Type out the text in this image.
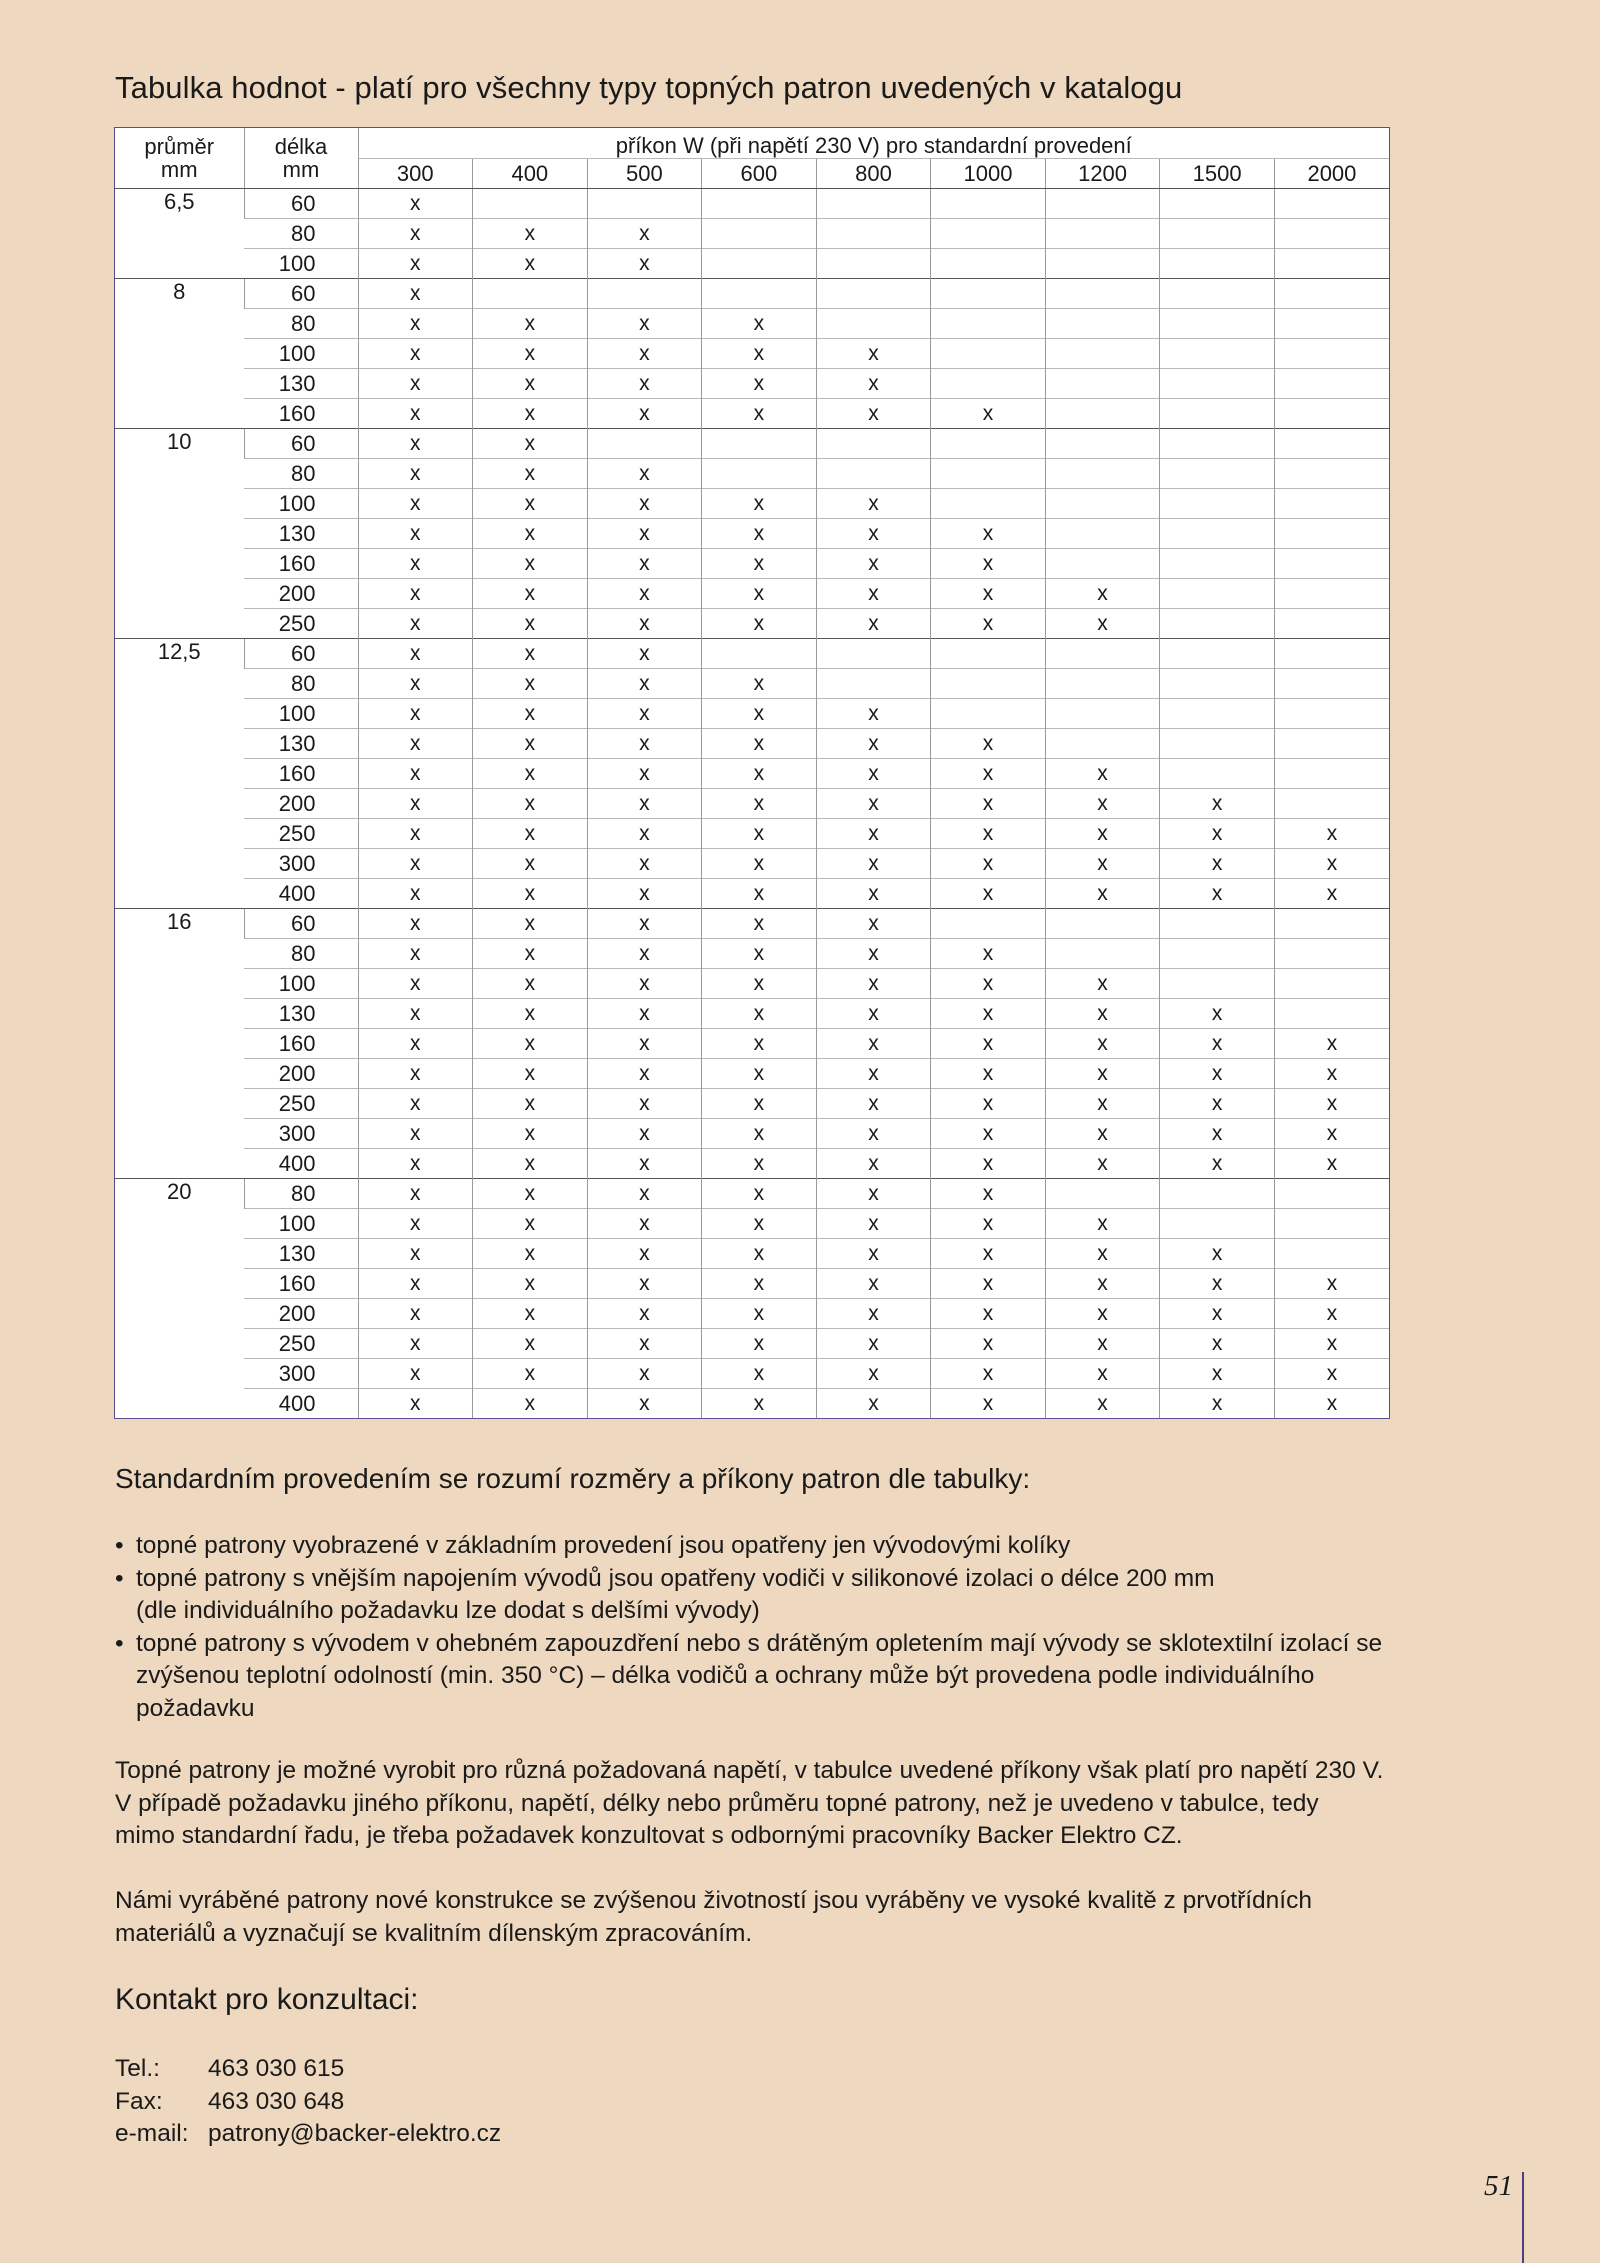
Tabulka hodnot - platí pro všechny typy topných patron uvedených v katalogu
průměr	délka	příkon W (při napětí 230 V) pro standardní provedení								
mm	mm	300	400	500	600	800	1000	1200	1500	2000
6,5	60	x								
	80	x	x	x						
	100	x	x	x						
8	60	x								
	80	x	x	x	x					
	100	x	x	x	x	x				
	130	x	x	x	x	x				
	160	x	x	x	x	x	x			
10	60	x	x							
	80	x	x	x						
	100	x	x	x	x	x				
	130	x	x	x	x	x	x			
	160	x	x	x	x	x	x			
	200	x	x	x	x	x	x	x		
	250	x	x	x	x	x	x	x		
12,5	60	x	x	x						
	80	x	x	x	x					
	100	x	x	x	x	x				
	130	x	x	x	x	x	x			
	160	x	x	x	x	x	x	x		
	200	x	x	x	x	x	x	x	x	
	250	x	x	x	x	x	x	x	x	x
	300	x	x	x	x	x	x	x	x	x
	400	x	x	x	x	x	x	x	x	x
16	60	x	x	x	x	x				
	80	x	x	x	x	x	x			
	100	x	x	x	x	x	x	x		
	130	x	x	x	x	x	x	x	x	
	160	x	x	x	x	x	x	x	x	x
	200	x	x	x	x	x	x	x	x	x
	250	x	x	x	x	x	x	x	x	x
	300	x	x	x	x	x	x	x	x	x
	400	x	x	x	x	x	x	x	x	x
20	80	x	x	x	x	x	x			
	100	x	x	x	x	x	x	x		
	130	x	x	x	x	x	x	x	x	
	160	x	x	x	x	x	x	x	x	x
	200	x	x	x	x	x	x	x	x	x
	250	x	x	x	x	x	x	x	x	x
	300	x	x	x	x	x	x	x	x	x
	400	x	x	x	x	x	x	x	x	x
Standardním provedením se rozumí rozměry a příkony patron dle tabulky:
• topné patrony vyobrazené v základním provedení jsou opatřeny jen vývodovými kolíky
• topné patrony s vnějším napojením vývodů jsou opatřeny vodiči v silikonové izolaci o délce 200 mm
(dle individuálního požadavku lze dodat s delšími vývody)
• topné patrony s vývodem v ohebném zapouzdření nebo s drátěným opletením mají vývody se sklotextilní izolací se
zvýšenou teplotní odolností (min. 350 °C) – délka vodičů a ochrany může být provedena podle individuálního
požadavku

Topné patrony je možné vyrobit pro různá požadovaná napětí, v tabulce uvedené příkony však platí pro napětí 230 V.
V případě požadavku jiného příkonu, napětí, délky nebo průměru topné patrony, než je uvedeno v tabulce, tedy
mimo standardní řadu, je třeba požadavek konzultovat s odbornými pracovníky Backer Elektro CZ.

Námi vyráběné patrony nové konstrukce se zvýšenou životností jsou vyráběny ve vysoké kvalitě z prvotřídních
materiálů a vyznačují se kvalitním dílenským zpracováním.

Kontakt pro konzultaci:
Tel.:	463 030 615
Fax:	463 030 648
e-mail: patrony@backer-elektro.cz
51
